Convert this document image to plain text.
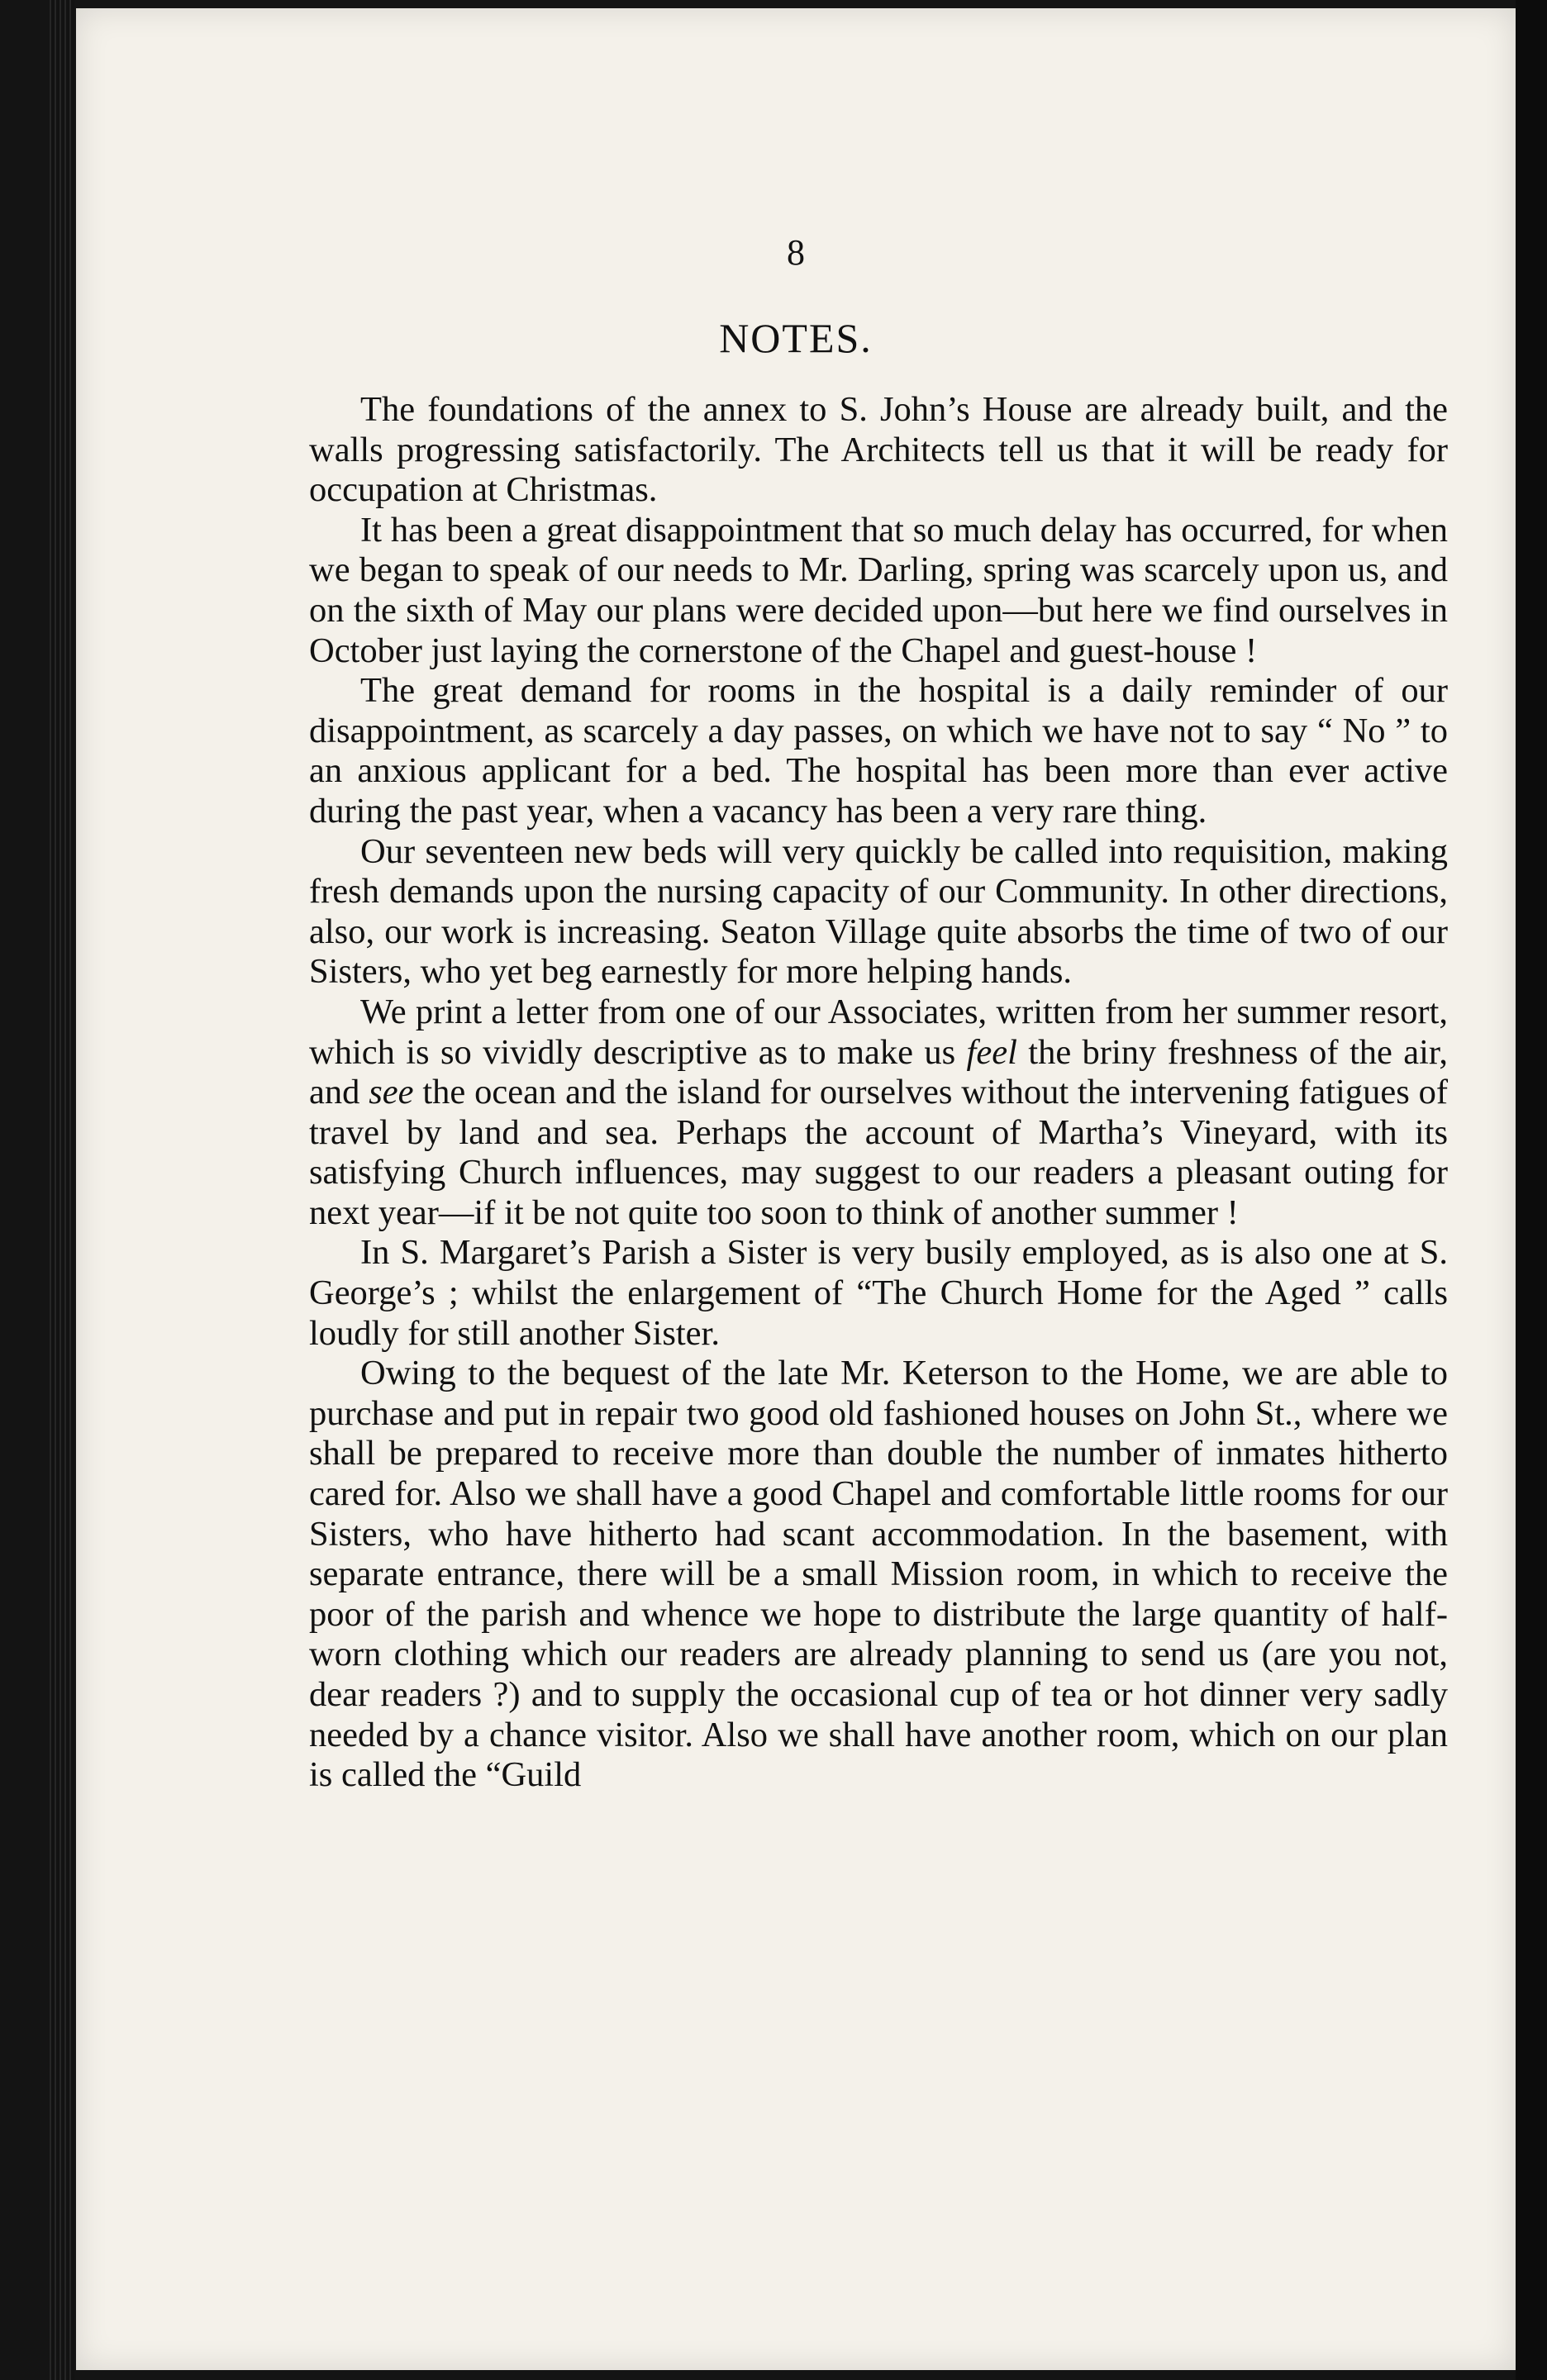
8
NOTES.

The foundations of the annex to S. John’s House are already built, and the walls progressing satisfactorily. The Architects tell us that it will be ready for occupation at Christmas.

It has been a great disappointment that so much delay has occurred, for when we began to speak of our needs to Mr. Darling, spring was scarcely upon us, and on the sixth of May our plans were decided upon—but here we find ourselves in October just laying the cornerstone of the Chapel and guest-house !

The great demand for rooms in the hospital is a daily reminder of our disappointment, as scarcely a day passes, on which we have not to say “ No ” to an anxious applicant for a bed. The hospital has been more than ever active during the past year, when a vacancy has been a very rare thing.

Our seventeen new beds will very quickly be called into requisition, making fresh demands upon the nursing capacity of our Community. In other directions, also, our work is increasing. Seaton Village quite absorbs the time of two of our Sisters, who yet beg earnestly for more helping hands.

We print a letter from one of our Associates, written from her summer resort, which is so vividly descriptive as to make us feel the briny freshness of the air, and see the ocean and the island for ourselves without the intervening fatigues of travel by land and sea. Perhaps the account of Martha’s Vineyard, with its satisfying Church influences, may suggest to our readers a pleasant outing for next year—if it be not quite too soon to think of another summer !

In S. Margaret’s Parish a Sister is very busily employed, as is also one at S. George’s ; whilst the enlargement of “The Church Home for the Aged ” calls loudly for still another Sister.

Owing to the bequest of the late Mr. Keterson to the Home, we are able to purchase and put in repair two good old fashioned houses on John St., where we shall be prepared to receive more than double the number of inmates hitherto cared for. Also we shall have a good Chapel and comfortable little rooms for our Sisters, who have hitherto had scant accommodation. In the basement, with separate entrance, there will be a small Mission room, in which to receive the poor of the parish and whence we hope to distribute the large quantity of half-worn clothing which our readers are already planning to send us (are you not, dear readers ?) and to supply the occasional cup of tea or hot dinner very sadly needed by a chance visitor. Also we shall have another room, which on our plan is called the “Guild
